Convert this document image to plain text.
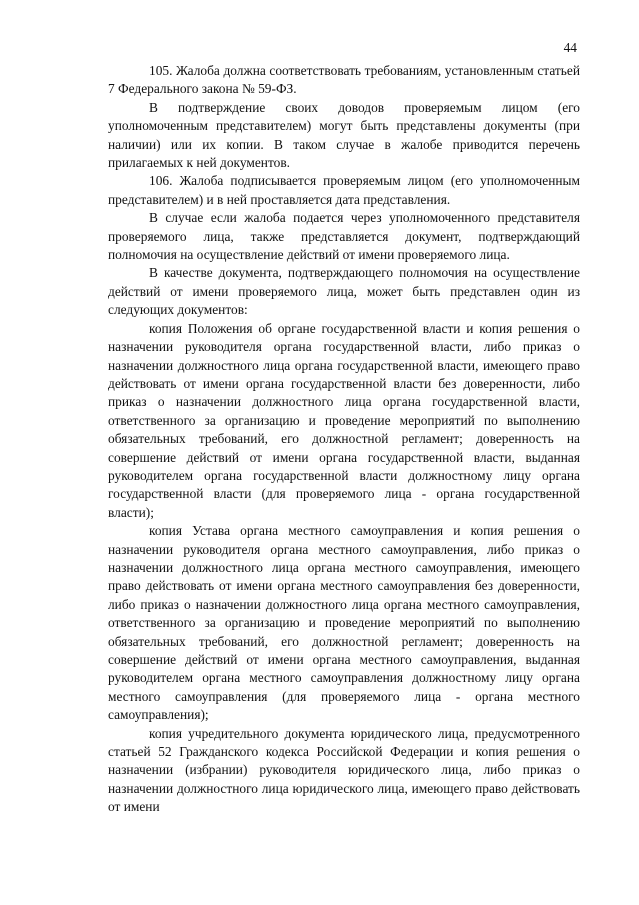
44

105. Жалоба должна соответствовать требованиям, установленным статьей 7 Федерального закона № 59-ФЗ.

В подтверждение своих доводов проверяемым лицом (его уполномоченным представителем) могут быть представлены документы (при наличии) или их копии. В таком случае в жалобе приводится перечень прилагаемых к ней документов.

106. Жалоба подписывается проверяемым лицом (его уполномоченным представителем) и в ней проставляется дата представления.

В случае если жалоба подается через уполномоченного представителя проверяемого лица, также представляется документ, подтверждающий полномочия на осуществление действий от имени проверяемого лица.

В качестве документа, подтверждающего полномочия на осуществление действий от имени проверяемого лица, может быть представлен один из следующих документов:

копия Положения об органе государственной власти и копия решения о назначении руководителя органа государственной власти, либо приказ о назначении должностного лица органа государственной власти, имеющего право действовать от имени органа государственной власти без доверенности, либо приказ о назначении должностного лица органа государственной власти, ответственного за организацию и проведение мероприятий по выполнению обязательных требований, его должностной регламент; доверенность на совершение действий от имени органа государственной власти, выданная руководителем органа государственной власти должностному лицу органа государственной власти (для проверяемого лица - органа государственной власти);

копия Устава органа местного самоуправления и копия решения о назначении руководителя органа местного самоуправления, либо приказ о назначении должностного лица органа местного самоуправления, имеющего право действовать от имени органа местного самоуправления без доверенности, либо приказ о назначении должностного лица органа местного самоуправления, ответственного за организацию и проведение мероприятий по выполнению обязательных требований, его должностной регламент; доверенность на совершение действий от имени органа местного самоуправления, выданная руководителем органа местного самоуправления должностному лицу органа местного самоуправления (для проверяемого лица - органа местного самоуправления);

копия учредительного документа юридического лица, предусмотренного статьей 52 Гражданского кодекса Российской Федерации и копия решения о назначении (избрании) руководителя юридического лица, либо приказ о назначении должностного лица юридического лица, имеющего право действовать от имени
